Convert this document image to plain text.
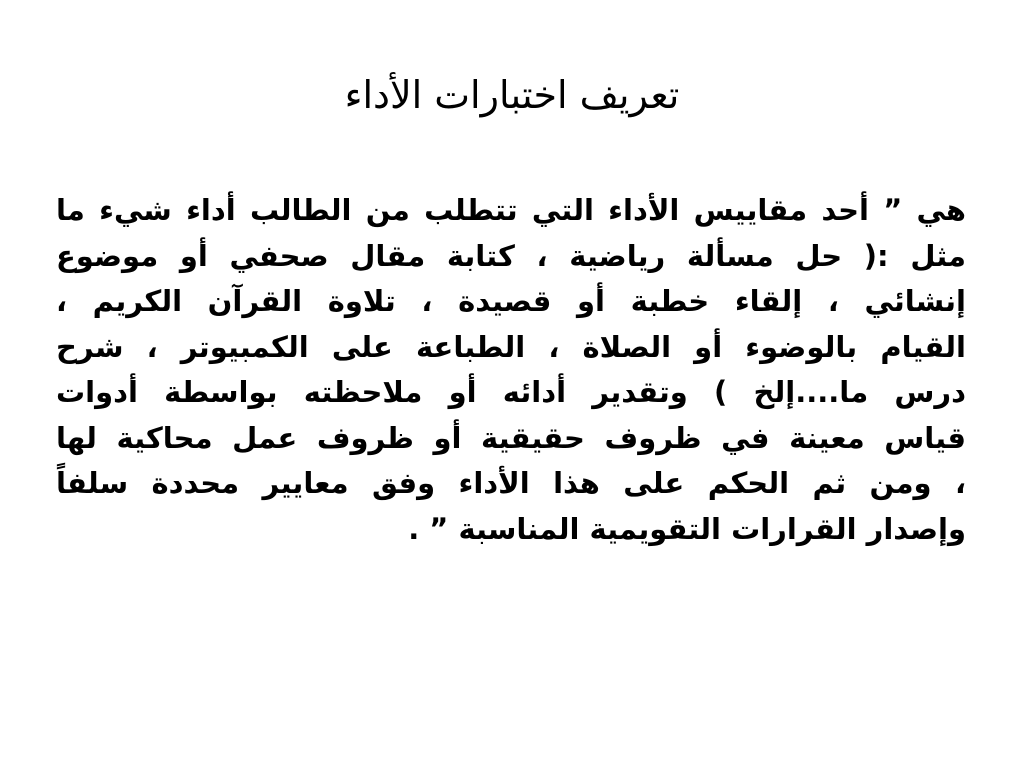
تعريف اختبارات الأداء
هي ” أحد مقاييس الأداء التي تتطلب من الطالب أداء شيء ما
مثل :( حل مسألة رياضية ، كتابة مقال صحفي أو موضوع
إنشائي ، إلقاء خطبة أو قصيدة ، تلاوة القرآن الكريم ،
القيام بالوضوء أو الصلاة ، الطباعة على الكمبيوتر ، شرح
درس ما....إلخ ) وتقدير أدائه أو ملاحظته بواسطة أدوات
قياس معينة في ظروف حقيقية أو ظروف عمل محاكية لها
، ومن ثم الحكم على هذا الأداء وفق معايير محددة سلفاً
وإصدار القرارات التقويمية المناسبة ” .
